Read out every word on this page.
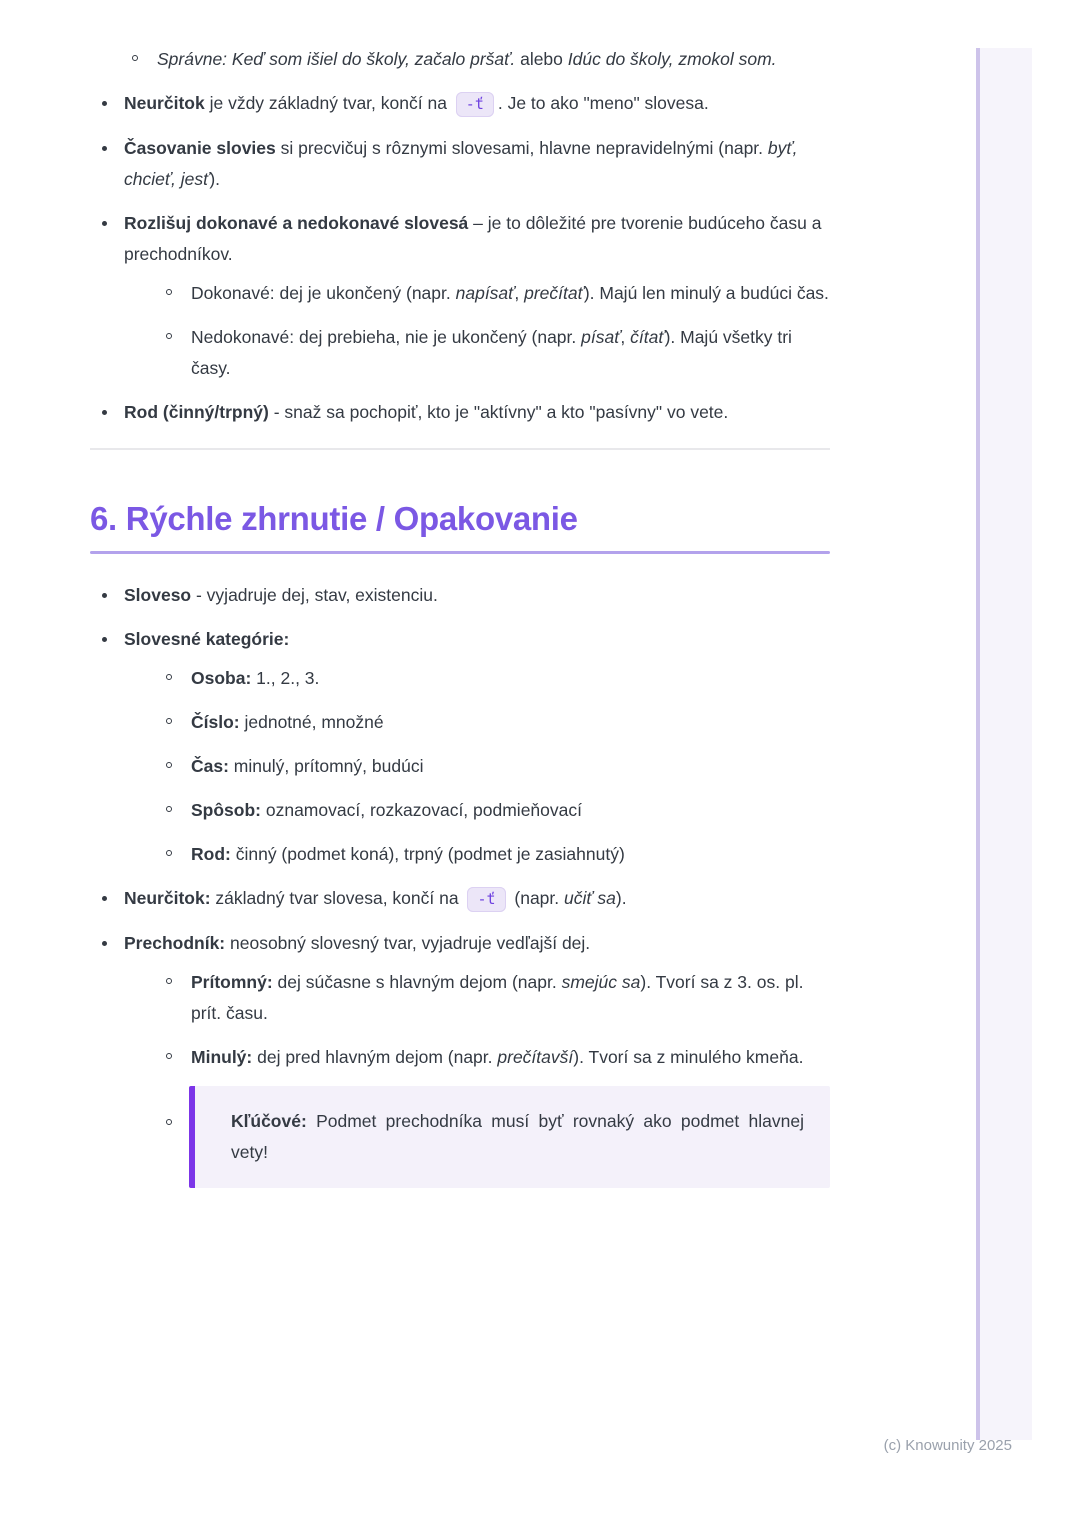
Správne: Keď som išiel do školy, začalo pršať. alebo Idúc do školy, zmokol som.
Neurčitok je vždy základný tvar, končí na -ť . Je to ako "meno" slovesa.
Časovanie slovies si precvičuj s rôznymi slovesami, hlavne nepravidelnými (napr. byť, chcieť, jesť).
Rozlišuj dokonavé a nedokonavé slovesá – je to dôležité pre tvorenie budúceho času a prechodníkov.
Dokonavé: dej je ukončený (napr. napísať, prečítať). Majú len minulý a budúci čas.
Nedokonavé: dej prebieha, nie je ukončený (napr. písať, čítať). Majú všetky tri časy.
Rod (činný/trpný) - snaž sa pochopiť, kto je "aktívny" a kto "pasívny" vo vete.
6. Rýchle zhrnutie / Opakovanie
Sloveso - vyjadruje dej, stav, existenciu.
Slovesné kategórie:
Osoba: 1., 2., 3.
Číslo: jednotné, množné
Čas: minulý, prítomný, budúci
Spôsob: oznamovací, rozkazovací, podmieňovací
Rod: činný (podmet koná), trpný (podmet je zasiahnutý)
Neurčitok: základný tvar slovesa, končí na -ť (napr. učiť sa).
Prechodník: neosobný slovesný tvar, vyjadruje vedľajší dej.
Prítomný: dej súčasne s hlavným dejom (napr. smejúc sa). Tvorí sa z 3. os. pl. prít. času.
Minulý: dej pred hlavným dejom (napr. prečítavší). Tvorí sa z minulého kmeňa.
Kľúčové: Podmet prechodníka musí byť rovnaký ako podmet hlavnej vety!
(c) Knowunity 2025
